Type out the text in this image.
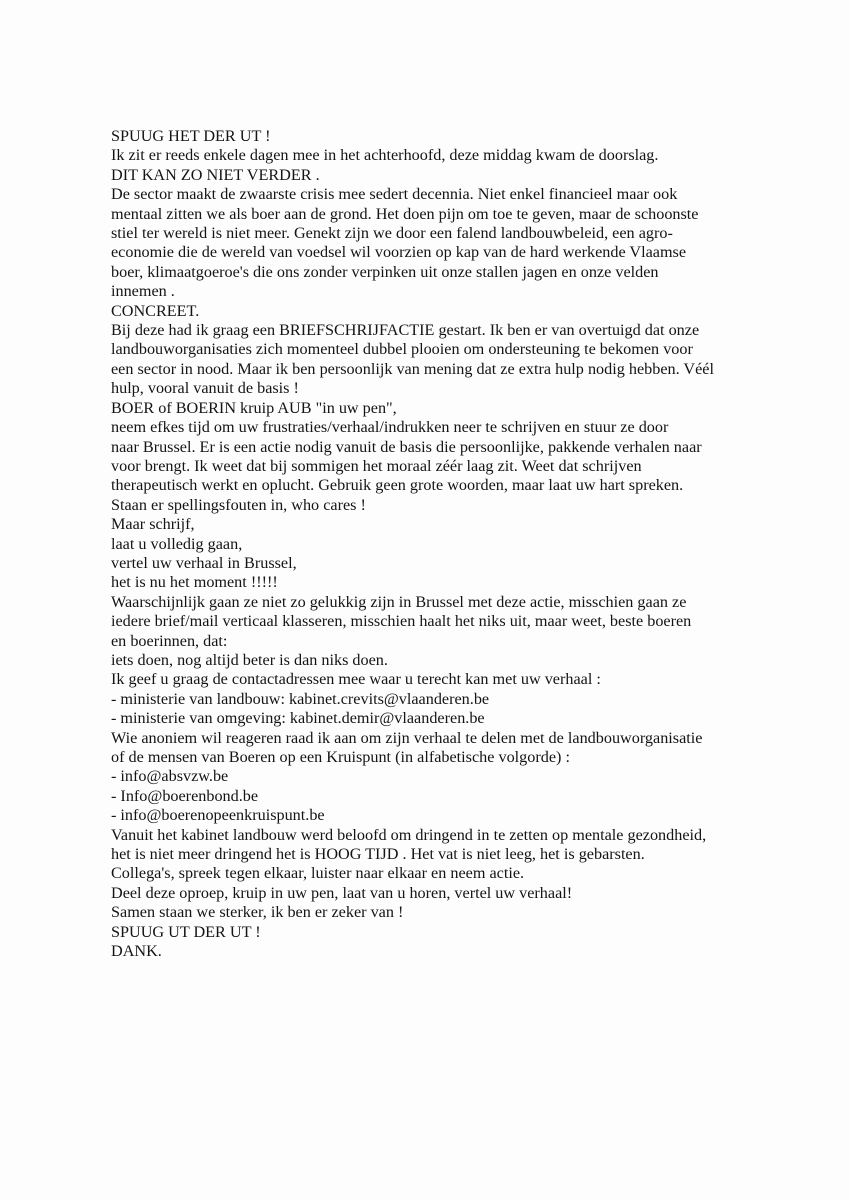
SPUUG HET DER UT !
Ik zit er reeds enkele dagen mee in het achterhoofd, deze middag kwam de doorslag.
DIT KAN ZO NIET VERDER .
De sector maakt de zwaarste crisis mee sedert decennia. Niet enkel financieel maar ook
mentaal zitten we als boer aan de grond. Het doen pijn om toe te geven, maar de schoonste
stiel ter wereld is niet meer. Genekt zijn we door een falend landbouwbeleid, een agro-
economie die de wereld van voedsel wil voorzien op kap van de hard werkende Vlaamse
boer, klimaatgoeroe's die ons zonder verpinken uit onze stallen jagen en onze velden
innemen .
CONCREET.
Bij deze had ik graag een BRIEFSCHRIJFACTIE gestart. Ik ben er van overtuigd dat onze
landbouworganisaties zich momenteel dubbel plooien om ondersteuning te bekomen voor
een sector in nood. Maar ik ben persoonlijk van mening dat ze extra hulp nodig hebben. Véél
hulp, vooral vanuit de basis !
BOER of BOERIN kruip AUB "in uw pen",
neem efkes tijd om uw frustraties/verhaal/indrukken neer te schrijven en stuur ze door
naar Brussel. Er is een actie nodig vanuit de basis die persoonlijke, pakkende verhalen naar
voor brengt. Ik weet dat bij sommigen het moraal zéér laag zit. Weet dat schrijven
therapeutisch werkt en oplucht. Gebruik geen grote woorden, maar laat uw hart spreken.
Staan er spellingsfouten in, who cares !
Maar schrijf,
laat u volledig gaan,
vertel uw verhaal in Brussel,
het is nu het moment !!!!!
Waarschijnlijk gaan ze niet zo gelukkig zijn in Brussel met deze actie, misschien gaan ze
iedere brief/mail verticaal klasseren, misschien haalt het niks uit, maar weet, beste boeren
en boerinnen, dat:
iets doen, nog altijd beter is dan niks doen.
Ik geef u graag de contactadressen mee waar u terecht kan met uw verhaal :
- ministerie van landbouw: kabinet.crevits@vlaanderen.be
- ministerie van omgeving: kabinet.demir@vlaanderen.be
Wie anoniem wil reageren raad ik aan om zijn verhaal te delen met de landbouworganisatie
of de mensen van Boeren op een Kruispunt (in alfabetische volgorde) :
- info@absvzw.be
- Info@boerenbond.be
- info@boerenopeenkruispunt.be
Vanuit het kabinet landbouw werd beloofd om dringend in te zetten op mentale gezondheid,
het is niet meer dringend het is HOOG TIJD . Het vat is niet leeg, het is gebarsten.
Collega's, spreek tegen elkaar, luister naar elkaar en neem actie.
Deel deze oproep, kruip in uw pen, laat van u horen, vertel uw verhaal!
Samen staan we sterker, ik ben er zeker van !
SPUUG UT DER UT !
DANK.
